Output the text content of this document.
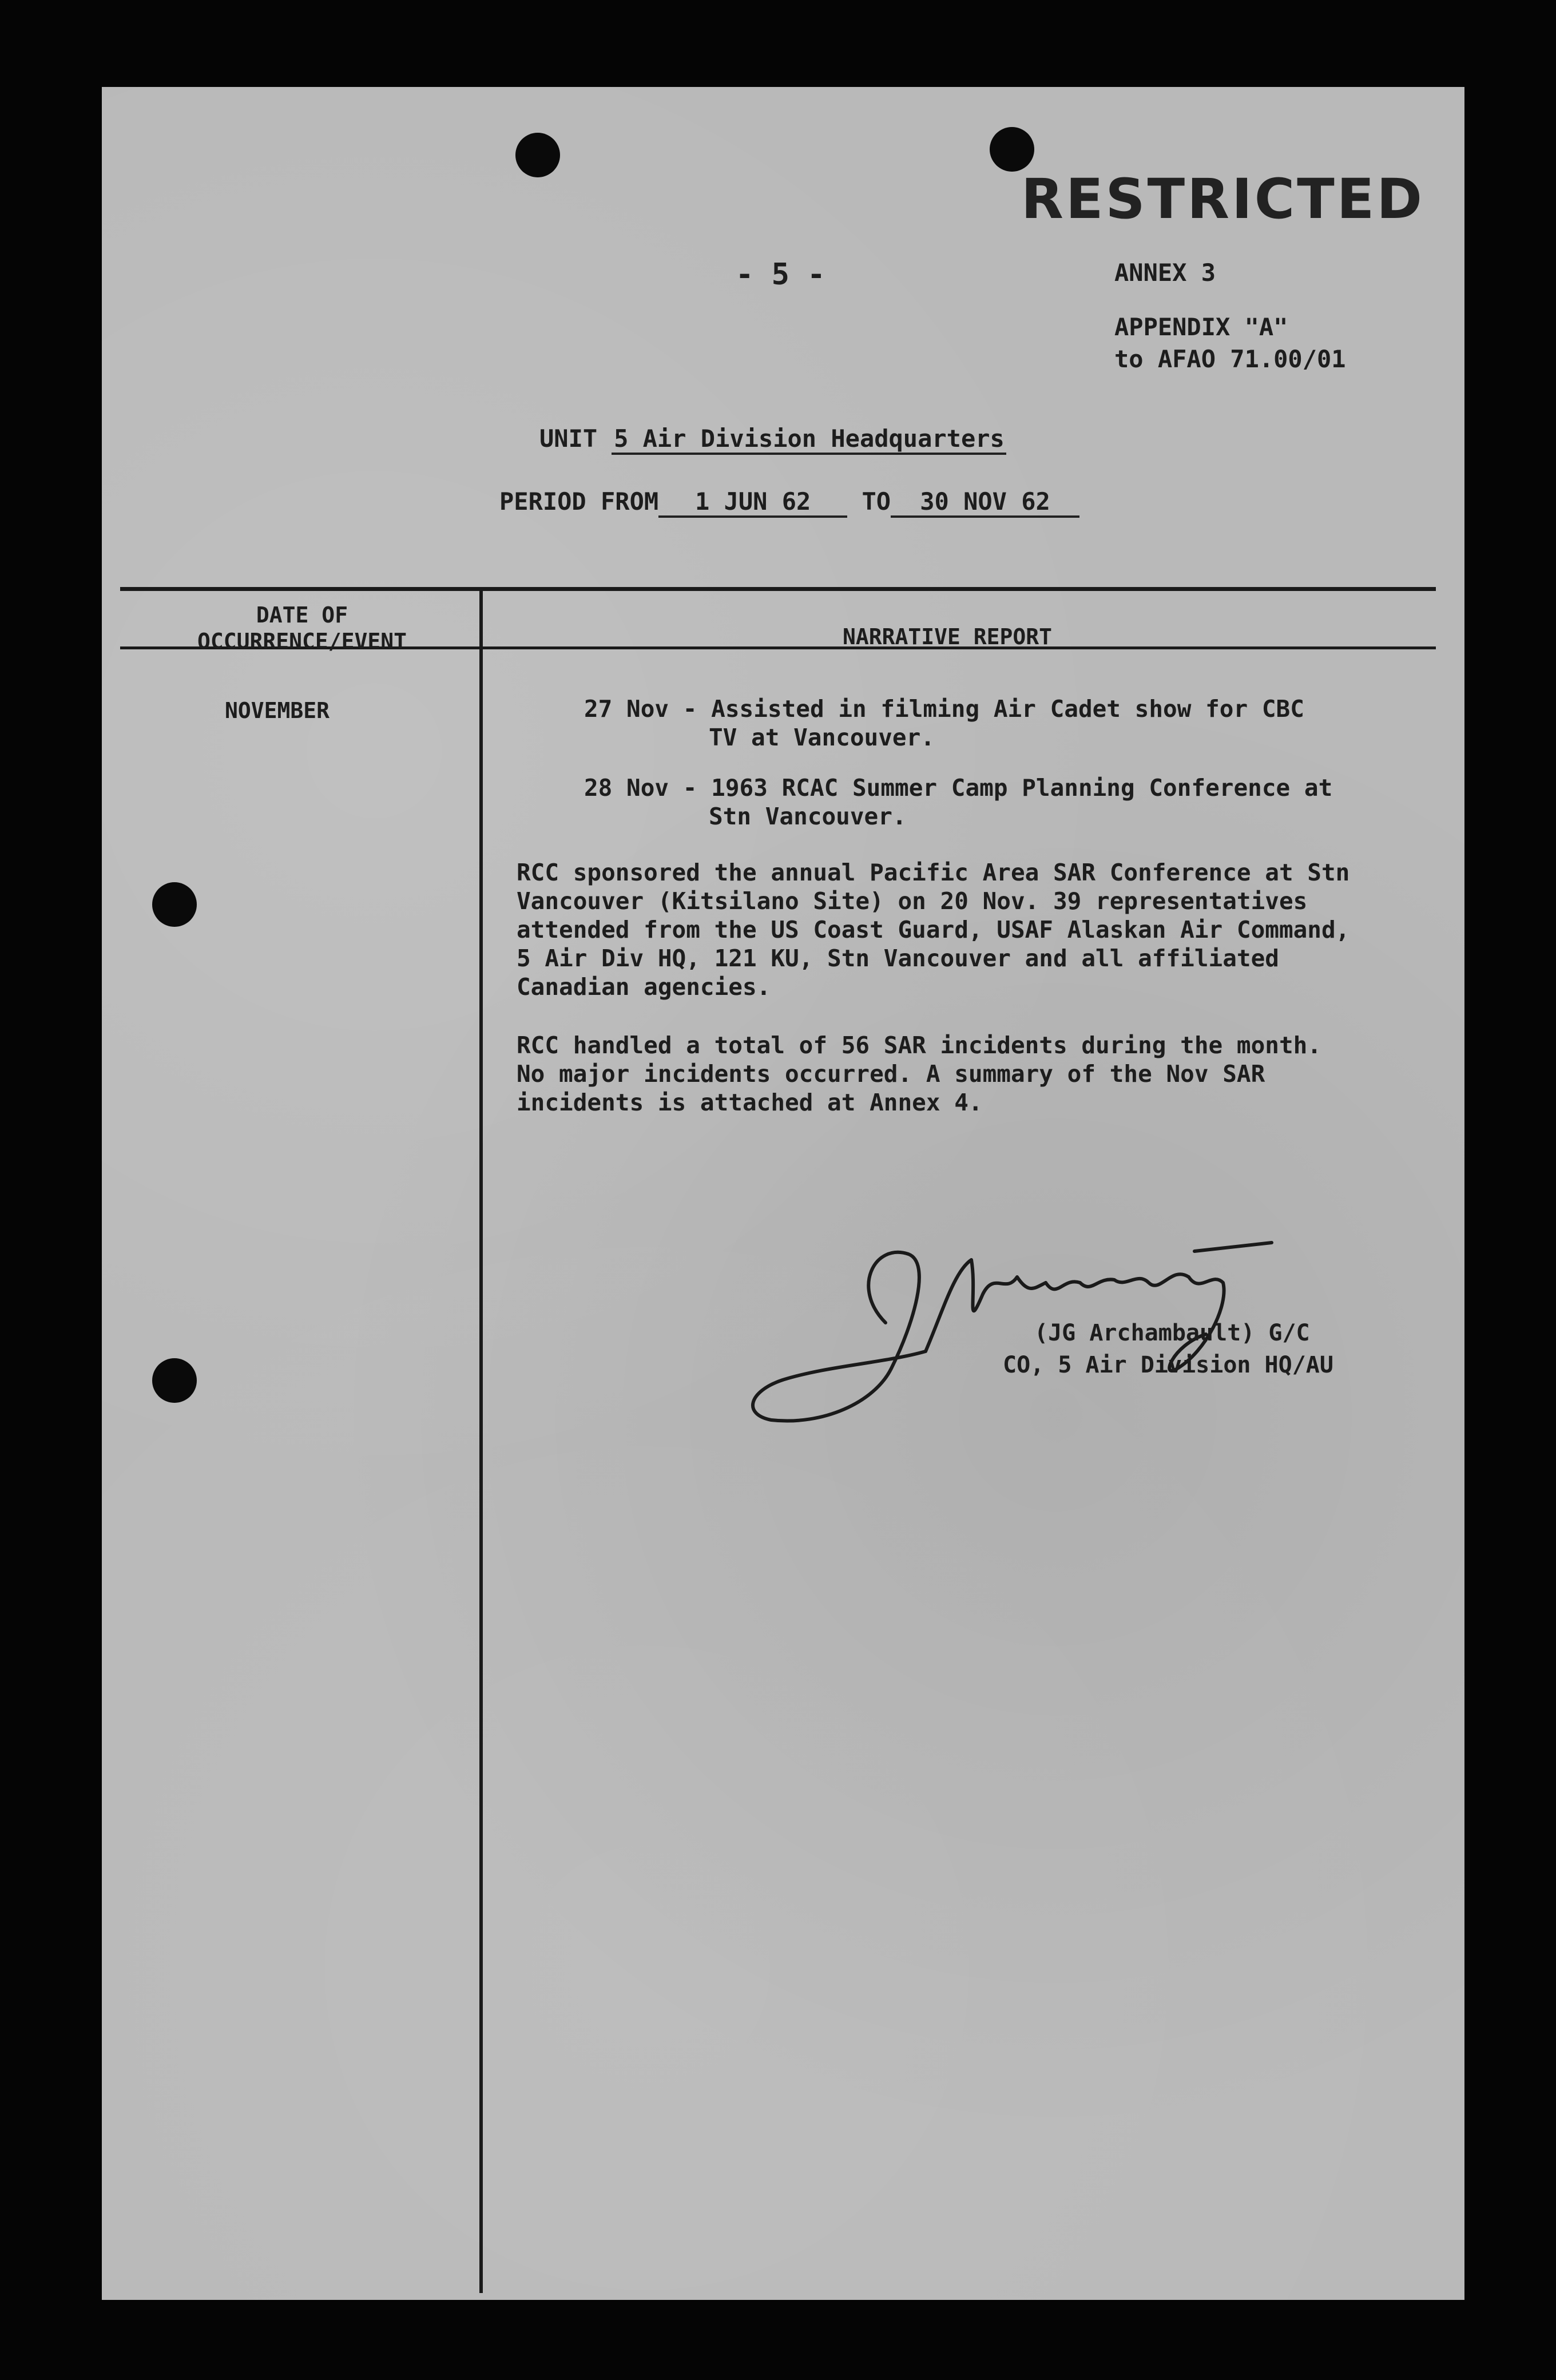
RESTRICTED
- 5 -	ANNEX 3
APPENDIX "A"
to AFAO 71.00/01
UNIT 5 Air Division Headquarters
PERIOD FROM 1 JUN 62 TO 30 NOV 62
DATE OF
OCCURRENCE/EVENT	NARRATIVE REPORT
NOVEMBER	27 Nov - Assisted in filming Air Cadet show for CBC
TV at Vancouver.
28 Nov - 1963 RCAC Summer Camp Planning Conference at
Stn Vancouver.
RCC sponsored the annual Pacific Area SAR Conference at Stn
Vancouver (Kitsilano Site) on 20 Nov. 39 representatives
attended from the US Coast Guard, USAF Alaskan Air Command,
5 Air Div HQ, 121 KU, Stn Vancouver and all affiliated
Canadian agencies.
RCC handled a total of 56 SAR incidents during the month.
No major incidents occurred. A summary of the Nov SAR
incidents is attached at Annex 4.
(JG Archambault) G/C
CO, 5 Air Division HQ/AU
